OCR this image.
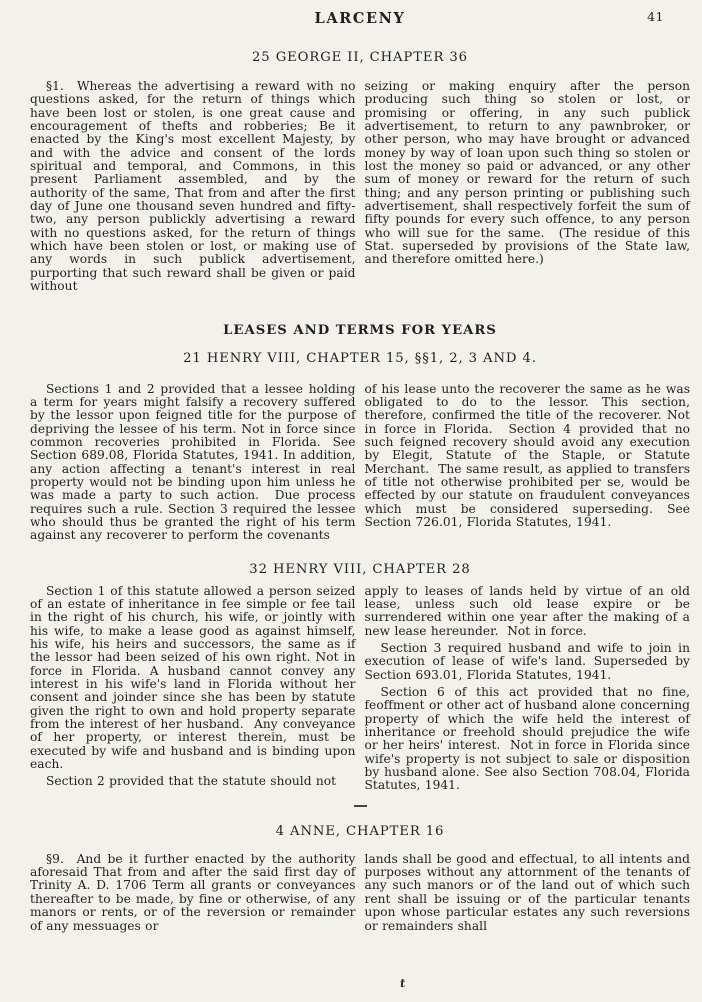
LARCENY	41
25 GEORGE II, CHAPTER 36

§1.  Whereas the advertising a reward with no questions asked, for the return of things which have been lost or stolen, is one great cause and encouragement of thefts and robberies; Be it enacted by the King's most excellent Majesty, by and with the advice and consent of the lords spiritual and temporal, and Commons, in this present Parliament assembled, and by the authority of the same, That from and after the first day of June one thousand seven hundred and fifty-two, any person publickly advertising a reward with no questions asked, for the return of things which have been stolen or lost, or making use of any words in such publick advertisement, purporting that such reward shall be given or paid without

seizing or making enquiry after the person producing such thing so stolen or lost, or promising or offering, in any such publick advertisement, to return to any pawnbroker, or other person, who may have brought or advanced money by way of loan upon such thing so stolen or lost the money so paid or advanced, or any other sum of money or reward for the return of such thing; and any person printing or publishing such advertisement, shall respectively forfeit the sum of fifty pounds for every such offence, to any person who will sue for the same.  (The residue of this Stat. superseded by provisions of the State law, and therefore omitted here.)

LEASES AND TERMS FOR YEARS
21 HENRY VIII, CHAPTER 15, §§1, 2, 3 AND 4.

Sections 1 and 2 provided that a lessee holding a term for years might falsify a recovery suffered by the lessor upon feigned title for the purpose of depriving the lessee of his term. Not in force since common recoveries prohibited in Florida. See Section 689.08, Florida Statutes, 1941. In addition, any action affecting a tenant's interest in real property would not be binding upon him unless he was made a party to such action.  Due process requires such a rule. Section 3 required the lessee who should thus be granted the right of his term against any recoverer to perform the covenants

of his lease unto the recoverer the same as he was obligated to do to the lessor. This section, therefore, confirmed the title of the recoverer. Not in force in Florida.  Section 4 provided that no such feigned recovery should avoid any execution by Elegit, Statute of the Staple, or Statute Merchant.  The same result, as applied to transfers of title not otherwise prohibited per se, would be effected by our statute on fraudulent conveyances which must be considered superseding. See Section 726.01, Florida Statutes, 1941.

32 HENRY VIII, CHAPTER 28

Section 1 of this statute allowed a person seized of an estate of inheritance in fee simple or fee tail in the right of his church, his wife, or jointly with his wife, to make a lease good as against himself, his wife, his heirs and successors, the same as if the lessor had been seized of his own right. Not in force in Florida. A husband cannot convey any interest in his wife's land in Florida without her consent and joinder since she has been by statute given the right to own and hold property separate from the interest of her husband.  Any conveyance of her property, or interest therein, must be executed by wife and husband and is binding upon each.

Section 2 provided that the statute should not

apply to leases of lands held by virtue of an old lease, unless such old lease expire or be surrendered within one year after the making of a new lease hereunder.  Not in force.

Section 3 required husband and wife to join in execution of lease of wife's land. Superseded by Section 693.01, Florida Statutes, 1941.

Section 6 of this act provided that no fine, feoffment or other act of husband alone concerning property of which the wife held the interest of inheritance or freehold should prejudice the wife or her heirs' interest.  Not in force in Florida since wife's property is not subject to sale or disposition by husband alone. See also Section 708.04, Florida Statutes, 1941.

4 ANNE, CHAPTER 16

§9.  And be it further enacted by the authority aforesaid That from and after the said first day of Trinity A. D. 1706 Term all grants or conveyances thereafter to be made, by fine or otherwise, of any manors or rents, or of the reversion or remainder of any messuages or

lands shall be good and effectual, to all intents and purposes without any attornment of the tenants of any such manors or of the land out of which such rent shall be issuing or of the particular tenants upon whose particular estates any such reversions or remainders shall

t
